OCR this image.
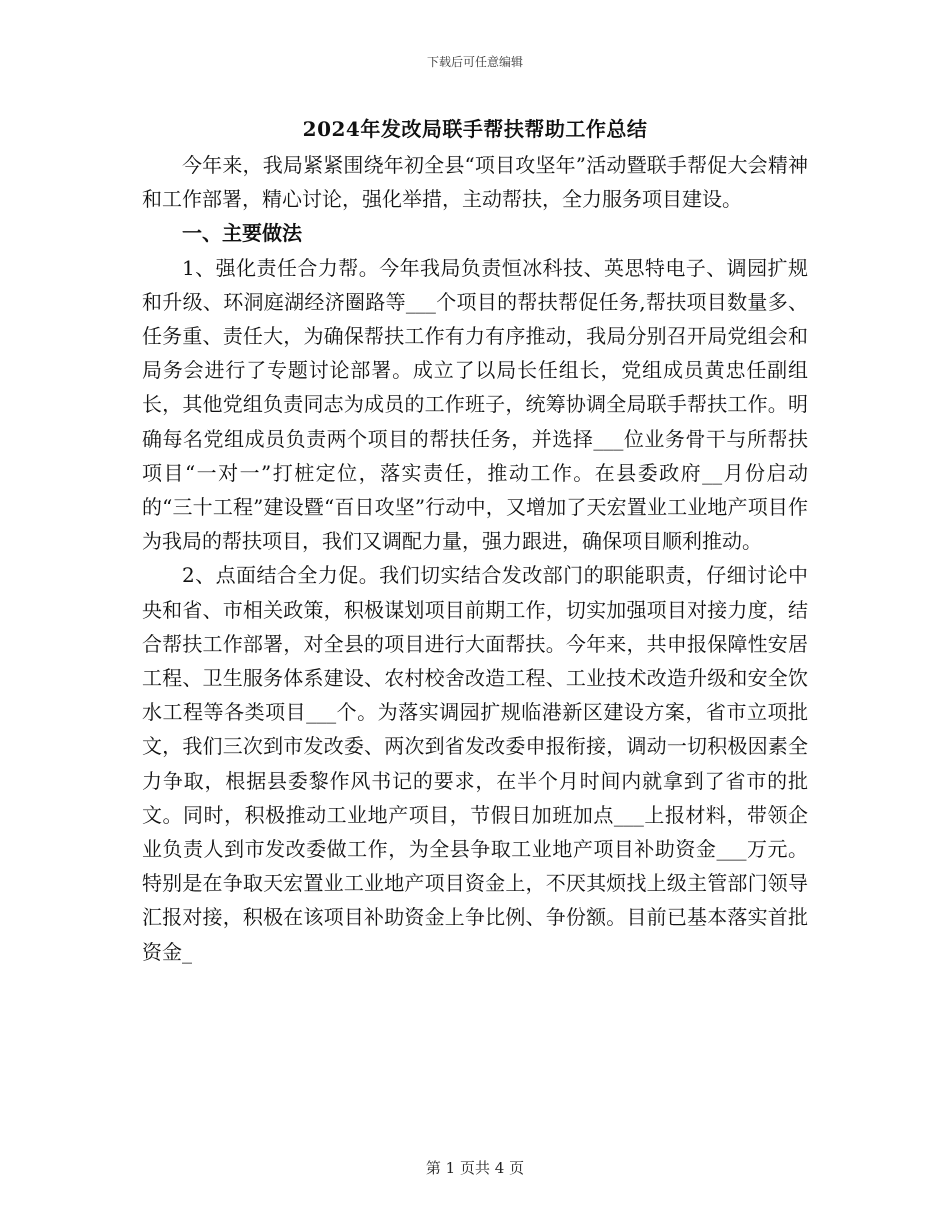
下载后可任意编辑
2024年发改局联手帮扶帮助工作总结

今年来，我局紧紧围绕年初全县“项目攻坚年”活动暨联手帮促大会精神和工作部署，精心讨论，强化举措，主动帮扶，全力服务项目建设。

一、主要做法

1、强化责任合力帮。今年我局负责恒冰科技、英思特电子、调园扩规和升级、环洞庭湖经济圈路等___个项目的帮扶帮促任务,帮扶项目数量多、任务重、责任大，为确保帮扶工作有力有序推动，我局分别召开局党组会和局务会进行了专题讨论部署。成立了以局长任组长，党组成员黄忠任副组长，其他党组负责同志为成员的工作班子，统筹协调全局联手帮扶工作。明确每名党组成员负责两个项目的帮扶任务，并选择___位业务骨干与所帮扶项目“一对一”打桩定位，落实责任，推动工作。在县委政府__月份启动的“三十工程”建设暨“百日攻坚”行动中，又增加了天宏置业工业地产项目作为我局的帮扶项目，我们又调配力量，强力跟进，确保项目顺利推动。

2、点面结合全力促。我们切实结合发改部门的职能职责，仔细讨论中央和省、市相关政策，积极谋划项目前期工作，切实加强项目对接力度，结合帮扶工作部署，对全县的项目进行大面帮扶。今年来，共申报保障性安居工程、卫生服务体系建设、农村校舍改造工程、工业技术改造升级和安全饮水工程等各类项目___个。为落实调园扩规临港新区建设方案，省市立项批文，我们三次到市发改委、两次到省发改委申报衔接，调动一切积极因素全力争取，根据县委黎作风书记的要求，在半个月时间内就拿到了省市的批文。同时，积极推动工业地产项目，节假日加班加点___上报材料，带领企业负责人到市发改委做工作，为全县争取工业地产项目补助资金___万元。特别是在争取天宏置业工业地产项目资金上，不厌其烦找上级主管部门领导汇报对接，积极在该项目补助资金上争比例、争份额。目前已基本落实首批资金_

第 1 页共 4 页
